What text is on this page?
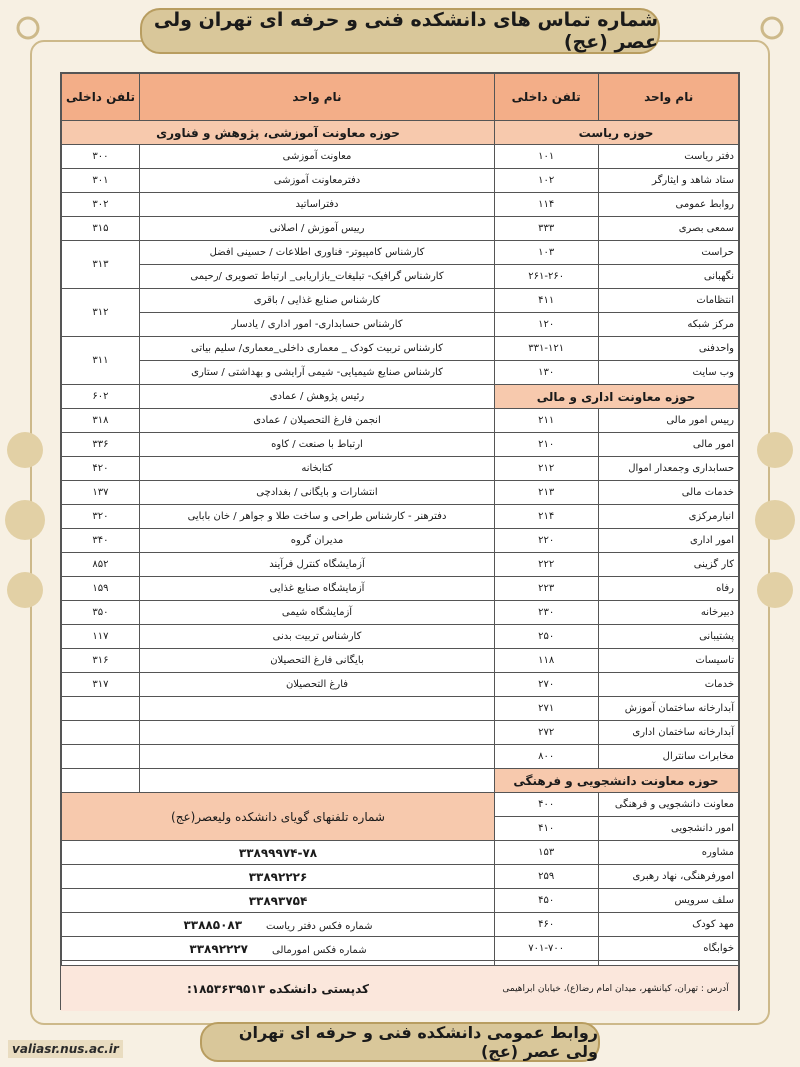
شماره تماس های دانشکده فنی و حرفه ای تهران ولی عصر (عج)
نام واحد	تلفن داخلی
حوزه ریاست	
دفتر ریاست	۱۰۱
ستاد شاهد و ایثارگر	۱۰۲
روابط عمومی	۱۱۴
سمعی بصری	۳۳۳
حراست	۱۰۳
نگهبانی	۲۶۱-۲۶۰
انتظامات	۴۱۱
مرکز شبکه	۱۲۰
واحدفنی	۳۳۱-۱۲۱
وب سایت	۱۳۰
حوزه معاونت اداری و مالی	
رییس امور مالی	۲۱۱
امور مالی	۲۱۰
حسابداری وجمعدار اموال	۲۱۲
خدمات مالی	۲۱۳
انبارمرکزی	۲۱۴
امور اداری	۲۲۰
کار گزینی	۲۲۲
رفاه	۲۲۳
دبیرخانه	۲۳۰
پشتیبانی	۲۵۰
تاسیسات	۱۱۸
خدمات	۲۷۰
آبدارخانه ساختمان آموزش	۲۷۱
آبدارخانه ساختمان اداری	۲۷۲
مخابرات سانترال	۸۰۰
حوزه معاونت دانشجویی و فرهنگی	
معاونت دانشجویی و فرهنگی	۴۰۰
امور دانشجویی	۴۱۰
مشاوره	۱۵۳
امورفرهنگی، نهاد رهبری	۲۵۹
سلف سرویس	۴۵۰
مهد کودک	۴۶۰
خوابگاه	۷۰۱-۷۰۰

نام واحد	تلفن داخلی
حوزه معاونت آموزشی، پژوهش و فناوری	
معاونت آموزشی	۳۰۰
دفترمعاونت آموزشی	۳۰۱
دفتراساتید	۳۰۲
رییس آموزش / اصلانی	۳۱۵
کارشناس کامپیوتر- فناوری اطلاعات / حسینی افضل	۳۱۳
کارشناس گرافیک- تبلیغات_بازاریابی_ ارتباط تصویری /رحیمی	
کارشناس صنایع غذایی / باقری	۳۱۲
کارشناس حسابداری- امور اداری / یادسار	
کارشناس تربیت کودک _ معماری داخلی_معماری/ سلیم بیاتی	۳۱۱
کارشناس صنایع شیمیایی- شیمی آرایشی و بهداشتی / ستاری	
رئیس پژوهش / عمادی	۶۰۲
انجمن فارغ التحصیلان / عمادی	۳۱۸
ارتباط با صنعت / کاوه	۳۳۶
کتابخانه	۴۲۰
انتشارات و بایگانی / بغدادچی	۱۳۷
دفترهنر - کارشناس طراحی و ساخت طلا و جواهر / خان بابایی	۳۲۰
مدیران گروه	۳۴۰
آزمایشگاه کنترل فرآیند	۸۵۲
آزمایشگاه صنایع غذایی	۱۵۹
آزمایشگاه شیمی	۳۵۰
کارشناس تربیت بدنی	۱۱۷
بایگانی فارغ التحصیلان	۳۱۶
فارغ التحصیلان	۳۱۷

شماره تلفنهای گویای دانشکده ولیعصر(عج)	
۳۳۸۹۹۹۷۴-۷۸	
۳۳۸۹۲۲۲۶	
۳۳۸۹۳۷۵۴	
شماره فکس دفتر ریاست۳۳۸۸۵۰۸۳	
شماره فکس امورمالی۳۳۸۹۲۲۲۷	

کدپستی دانشکده ۱۸۵۳۶۳۹۵۱۳:	آدرس : تهران، کیانشهر، میدان امام رضا(ع)، خیابان ابراهیمی
روابط عمومی دانشکده فنی و حرفه ای تهران ولی عصر (عج)
valiasr.nus.ac.ir
